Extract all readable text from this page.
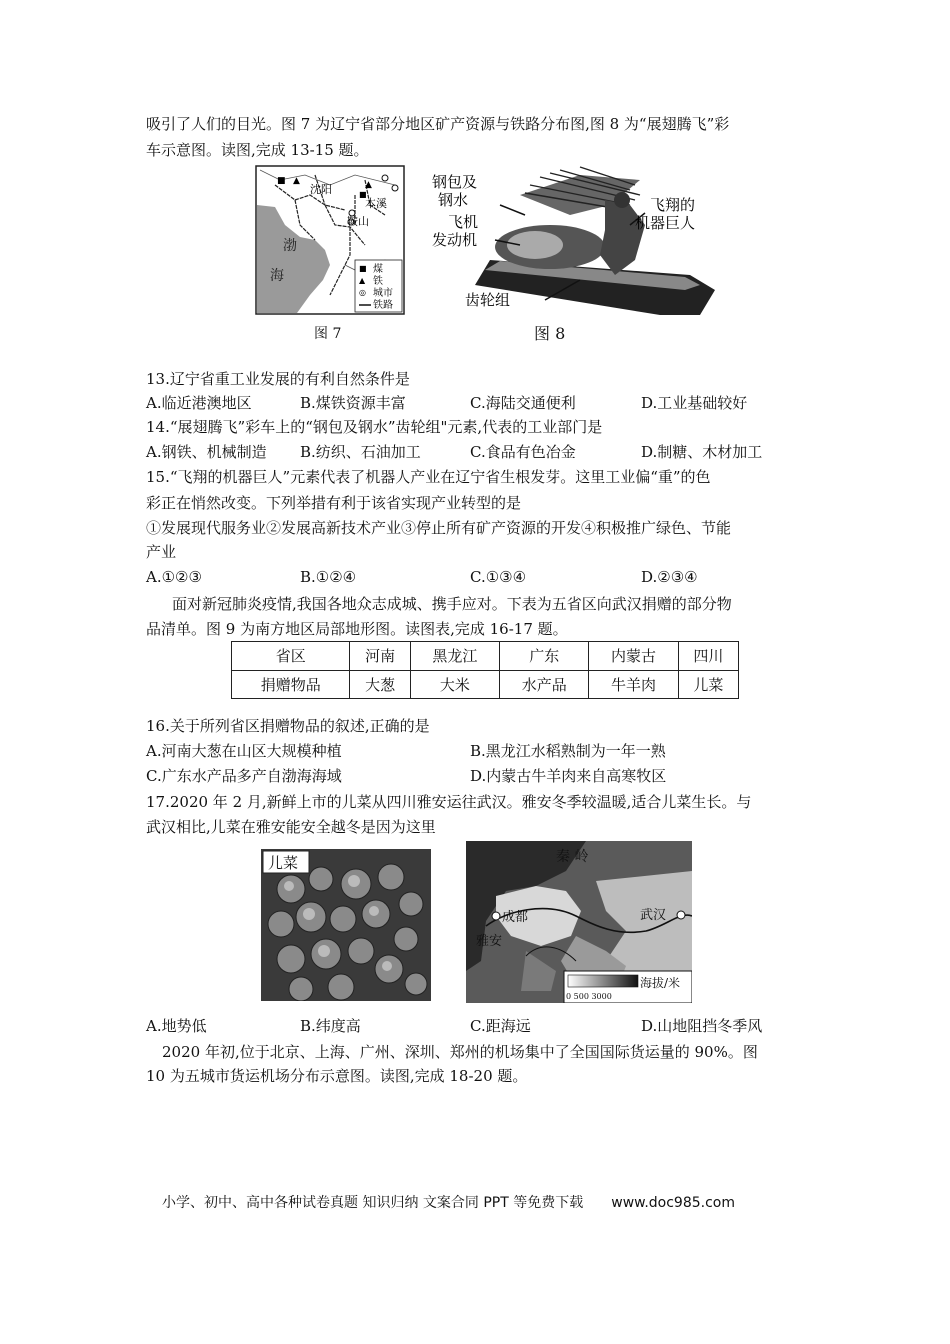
吸引了人们的目光。图 7 为辽宁省部分地区矿产资源与铁路分布图,图 8 为“展翅腾飞”彩
车示意图。读图,完成 13-15 题。
■ ▲	▲
■
沈阳
本溪
鞍山
渤
海	■
▲
◎
煤
铁
城市
铁路
图 7
钢包及
钢水
飞机
发动机
飞翔的
机器巨人
齿轮组
图 8
13.辽宁省重工业发展的有利自然条件是
A.临近港澳地区	B.煤铁资源丰富	C.海陆交通便利	D.工业基础较好
14.“展翅腾飞”彩车上的“钢包及钢水”齿轮组"元素,代表的工业部门是
A.钢铁、机械制造 B.纺织、石油加工	C.食品有色冶金	D.制糖、木材加工
15.“飞翔的机器巨人”元素代表了机器人产业在辽宁省生根发芽。这里工业偏“重”的色
彩正在悄然改变。下列举措有利于该省实现产业转型的是
①发展现代服务业②发展高新技术产业③停止所有矿产资源的开发④积极推广绿色、节能
产业
A.①②③	B.①②④	C.①③④	D.②③④
面对新冠肺炎疫情,我国各地众志成城、携手应对。下表为五省区向武汉捐赠的部分物
品清单。图 9 为南方地区局部地形图。读图表,完成 16-17 题。
省区	河南	黑龙江	广东	内蒙古	四川
捐赠物品	大葱	大米	水产品	牛羊肉	儿菜
16.关于所列省区捐赠物品的叙述,正确的是
A.河南大葱在山区大规模种植	B.黑龙江水稻熟制为一年一熟
C.广东水产品多产自渤海海域	D.内蒙古牛羊肉来自高寒牧区
17.2020 年 2 月,新鲜上市的儿菜从四川雅安运往武汉。雅安冬季较温暖,适合儿菜生长。与
武汉相比,儿菜在雅安能安全越冬是因为这里
儿菜	秦 岭
成都
雅安
武汉
海拔/米
0 500 3000
A.地势低	B.纬度高	C.距海远	D.山地阻挡冬季风
2020 年初,位于北京、上海、广州、深圳、郑州的机场集中了全国国际货运量的 90%。图
10 为五城市货运机场分布示意图。读图,完成 18-20 题。
小学、初中、高中各种试卷真题 知识归纳 文案合同 PPT 等免费下载 www.doc985.com
